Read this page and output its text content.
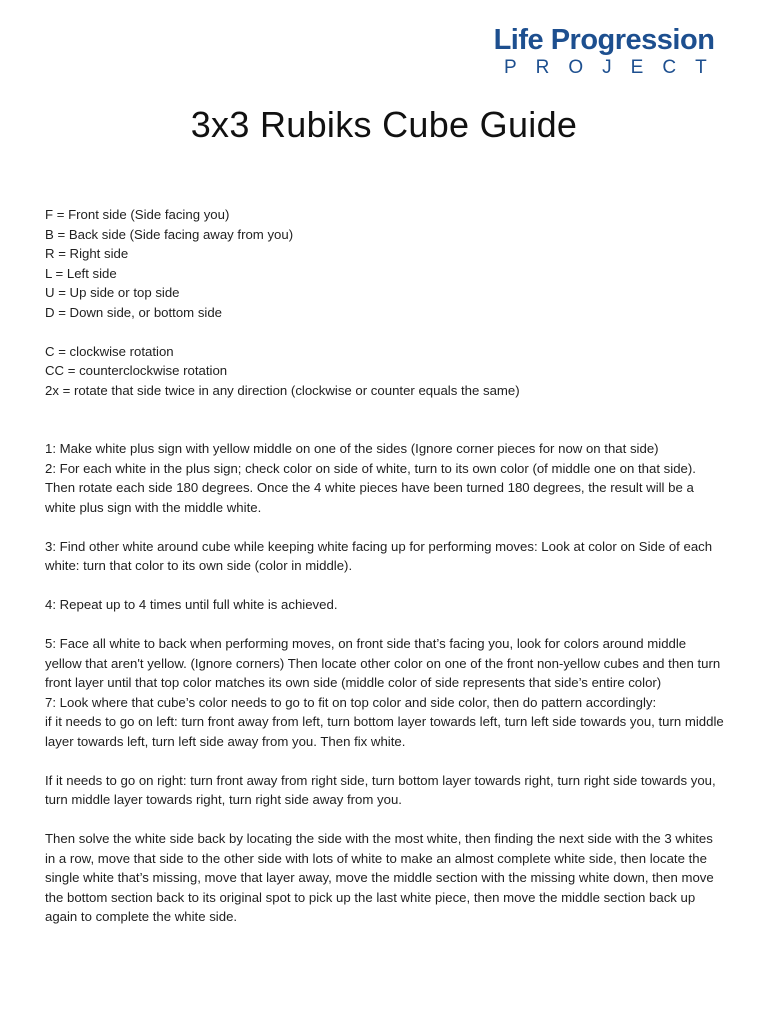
Life Progression
PROJECT
3x3 Rubiks Cube Guide

F = Front side (Side facing you)

B = Back side (Side facing away from you)

R = Right side

L = Left side

U = Up side or top side

D = Down side, or bottom side

C = clockwise rotation

CC = counterclockwise rotation

2x = rotate that side twice in any direction (clockwise or counter equals the same)

1: Make white plus sign with yellow middle on one of the sides (Ignore corner pieces for now on that side)

2: For each white in the plus sign; check color on side of white, turn to its own color (of middle one on that side). Then rotate each side 180 degrees. Once the 4 white pieces have been turned 180 degrees, the result will be a white plus sign with the middle white.

3: Find other white around cube while keeping white facing up for performing moves: Look at color on Side of each white: turn that color to its own side (color in middle).

4: Repeat up to 4 times until full white is achieved.

5: Face all white to back when performing moves, on front side that’s facing you, look for colors around middle yellow that aren't yellow. (Ignore corners) Then locate other color on one of the front non-yellow cubes and then turn front layer until that top color matches its own side (middle color of side represents that side’s entire color)

7: Look where that cube’s color needs to go to fit on top color and side color, then do pattern accordingly:

if it needs to go on left: turn front away from left, turn bottom layer towards left, turn left side towards you, turn middle layer towards left, turn left side away from you. Then fix white.

If it needs to go on right: turn front away from right side, turn bottom layer towards right, turn right side towards you, turn middle layer towards right, turn right side away from you.

Then solve the white side back by locating the side with the most white, then finding the next side with the 3 whites in a row, move that side to the other side with lots of white to make an almost complete white side, then locate the single white that’s missing, move that layer away, move the middle section with the missing white down, then move the bottom section back to its original spot to pick up the last white piece, then move the middle section back up again to complete the white side.
